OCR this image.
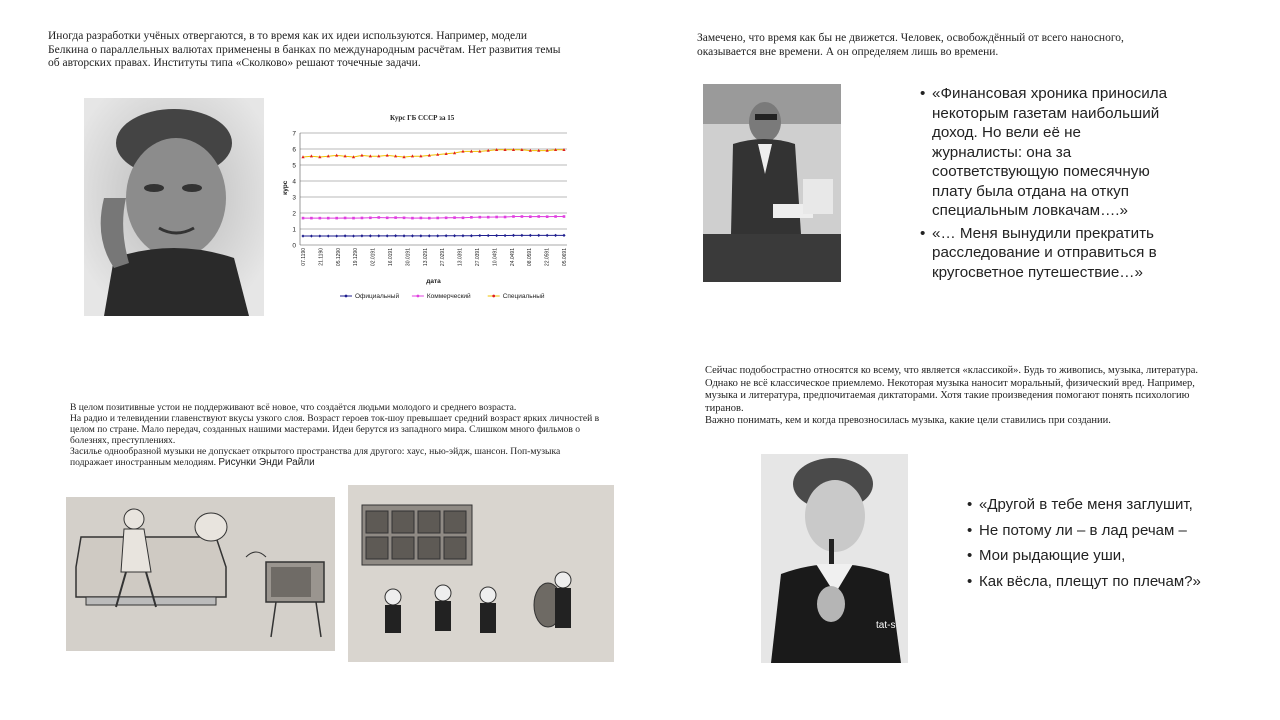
Иногда разработки учёных отвергаются, в то время как их идеи используются. Например, модели Белкина о параллельных валютах применены в банках по международным расчётам. Нет развития темы об авторских правах. Институты типа «Сколково» решают точечные задачи.
Курс ГБ СССР за 15
0
1
2
3
4
5
6
7
курс
07.1190 21.1190 05.1290 19.1290 02.0191 16.0191 30.0191 13.0291 27.0291 13.0391 27.0391 10.0491 24.0491 08.0591 22.0591 05.0691
дата
Официальный	Коммерческий	Специальный
Замечено, что время как бы не движется. Человек, освобождённый от всего наносного, оказывается вне времени. А он определяем лишь во времени.
• «Финансовая хроника приносила некоторым газетам наибольший доход. Но вели её не журналисты: она за соответствующую помесячную плату была отдана на откуп специальным ловкачам….»
• «… Меня вынудили прекратить расследование и отправиться в кругосветное путешествие…»
В целом позитивные устои не поддерживают всё новое, что создаётся людьми молодого и среднего возраста.
На радио и телевидении главенствуют вкусы узкого слоя. Возраст героев ток-шоу превышает средний возраст ярких личностей в целом по стране. Мало передач, созданных нашими мастерами. Идеи берутся из западного мира. Слишком много фильмов о болезнях, преступлениях.
Засилье однообразной музыки не допускает открытого пространства для другого: хаус, нью-эйдж, шансон. Поп-музыка подражает иностранным мелодиям. Рисунки Энди Райли
Сейчас подобострастно относятся ко всему, что является «классикой». Будь то живопись, музыка, литература.
Однако не всё классическое приемлемо. Некоторая музыка наносит моральный, физический вред. Например, музыка и литература, предпочитаемая диктаторами. Хотя такие произведения помогают понять психологию тиранов.
Важно понимать, кем и когда превозносилась музыка, какие цели ставились при создании.
tat-s
• «Другой в тебе меня заглушит,
• Не потому ли – в лад речам –
• Мои рыдающие уши,
• Как вёсла, плещут по плечам?»
